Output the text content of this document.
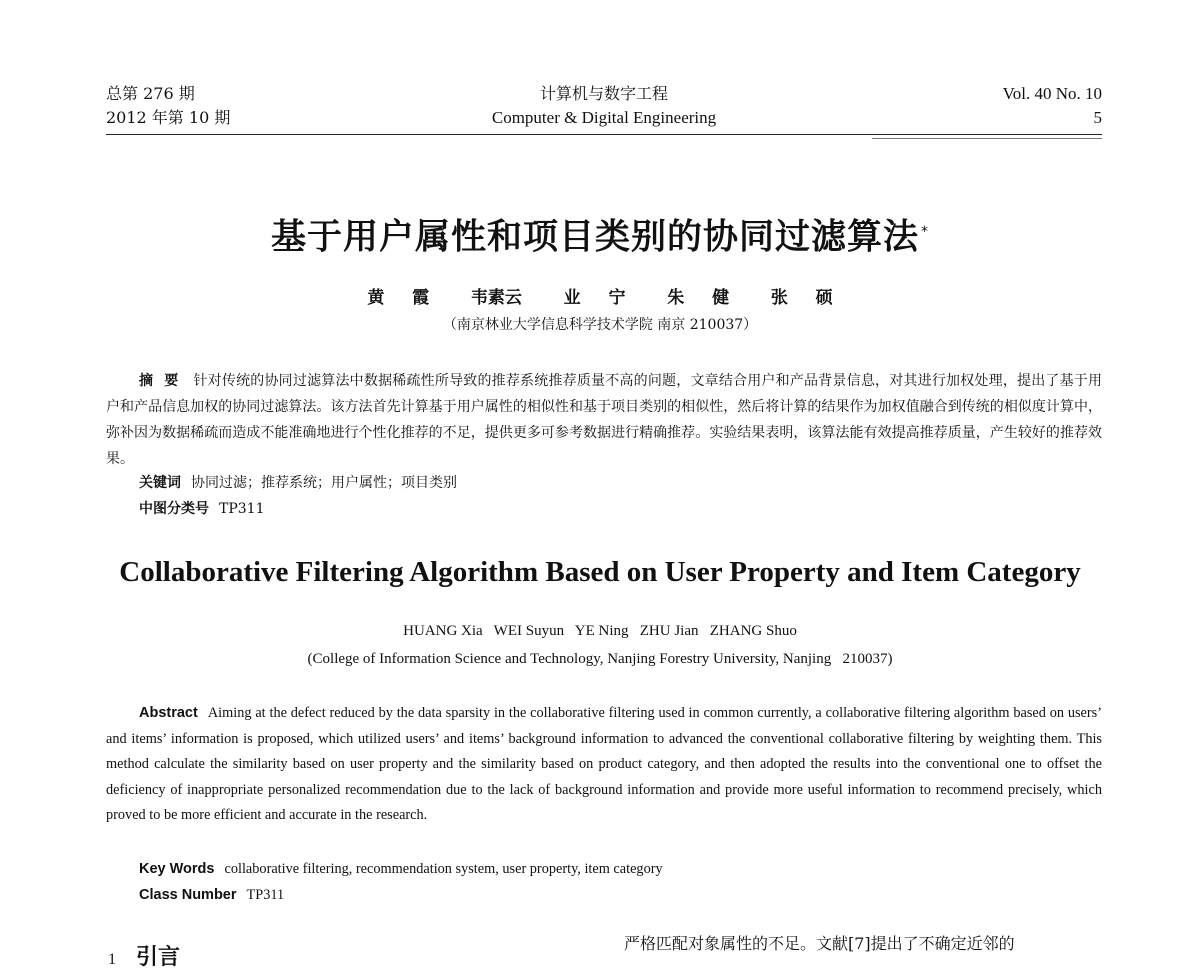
总第 276 期
2012 年第 10 期
计算机与数字工程
Computer & Digital Engineering
Vol. 40 No. 10
5
基于用户属性和项目类别的协同过滤算法 *
黄  霞   韦素云   业  宁   朱  健   张  硕
（南京林业大学信息科学技术学院 南京 210037）
摘 要 针对传统的协同过滤算法中数据稀疏性所导致的推荐系统推荐质量不高的问题，文章结合用户和产品背景信息，对其进行加权处理，提出了基于用户和产品信息加权的协同过滤算法。该方法首先计算基于用户属性的相似性和基于项目类别的相似性，然后将计算的结果作为加权值融合到传统的相似度计算中，弥补因为数据稀疏而造成不能准确地进行个性化推荐的不足，提供更多可参考数据进行精确推荐。实验结果表明，该算法能有效提高推荐质量，产生较好的推荐效果。
关键词 协同过滤；推荐系统；用户属性；项目类别
中图分类号 TP311
Collaborative Filtering Algorithm Based on User Property and Item Category
HUANG Xia   WEI Suyun   YE Ning   ZHU Jian   ZHANG Shuo
(College of Information Science and Technology, Nanjing Forestry University, Nanjing   210037)
Abstract Aiming at the defect reduced by the data sparsity in the collaborative filtering used in common currently, a collaborative filtering algorithm based on users’ and items’ information is proposed, which utilized users’ and items’ background information to advanced the conventional collaborative filtering by weighting them. This method calculate the similarity based on user property and the similarity based on product category, and then adopted the results into the conventional one to offset the deficiency of inappropriate personalized recommendation due to the lack of background information and provide more useful information to recommend precisely, which proved to be more efficient and accurate in the research.
Key Words collaborative filtering, recommendation system, user property, item category
Class Number TP311
1 引言
严格匹配对象属性的不足。文献[7]提出了不确定近邻的
